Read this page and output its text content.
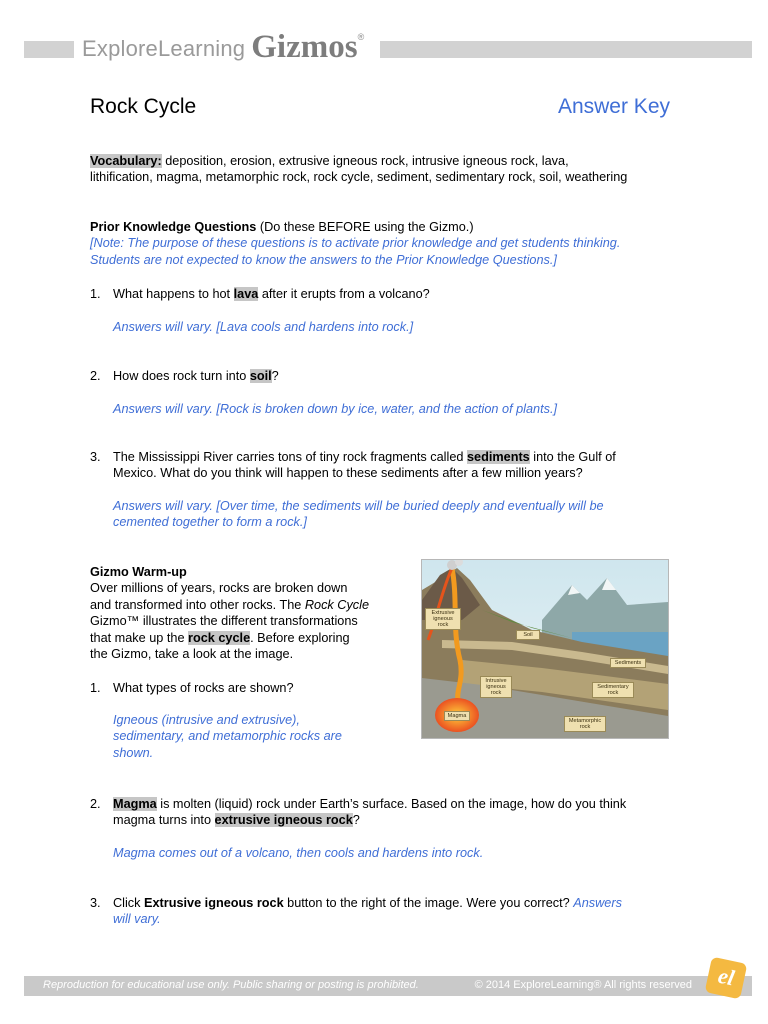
ExploreLearning Gizmos ®
Rock Cycle	Answer Key
Vocabulary: deposition, erosion, extrusive igneous rock, intrusive igneous rock, lava,
lithification, magma, metamorphic rock, rock cycle, sediment, sedimentary rock, soil, weathering
Prior Knowledge Questions (Do these BEFORE using the Gizmo.)
[Note: The purpose of these questions is to activate prior knowledge and get students thinking.
Students are not expected to know the answers to the Prior Knowledge Questions.]
1. What happens to hot lava after it erupts from a volcano?
Answers will vary. [Lava cools and hardens into rock.]
2. How does rock turn into soil?
Answers will vary. [Rock is broken down by ice, water, and the action of plants.]
3. The Mississippi River carries tons of tiny rock fragments called sediments into the Gulf of
Mexico. What do you think will happen to these sediments after a few million years?
Answers will vary. [Over time, the sediments will be buried deeply and eventually will be
cemented together to form a rock.]
Gizmo Warm-up
Over millions of years, rocks are broken down
and transformed into other rocks. The Rock Cycle
Gizmo™ illustrates the different transformations
that make up the rock cycle. Before exploring
the Gizmo, take a look at the image.
1. What types of rocks are shown?
Igneous (intrusive and extrusive),
sedimentary, and metamorphic rocks are
shown.
Extrusive igneous rock
Soil
Intrusive igneous rock
Sediments
Sedimentary rock
Magma
Metamorphic rock
2. Magma is molten (liquid) rock under Earth’s surface. Based on the image, how do you think
magma turns into extrusive igneous rock?
Magma comes out of a volcano, then cools and hardens into rock.
3. Click Extrusive igneous rock button to the right of the image. Were you correct? Answers
will vary.
Reproduction for educational use only. Public sharing or posting is prohibited.	© 2014 ExploreLearning® All rights reserved	el
